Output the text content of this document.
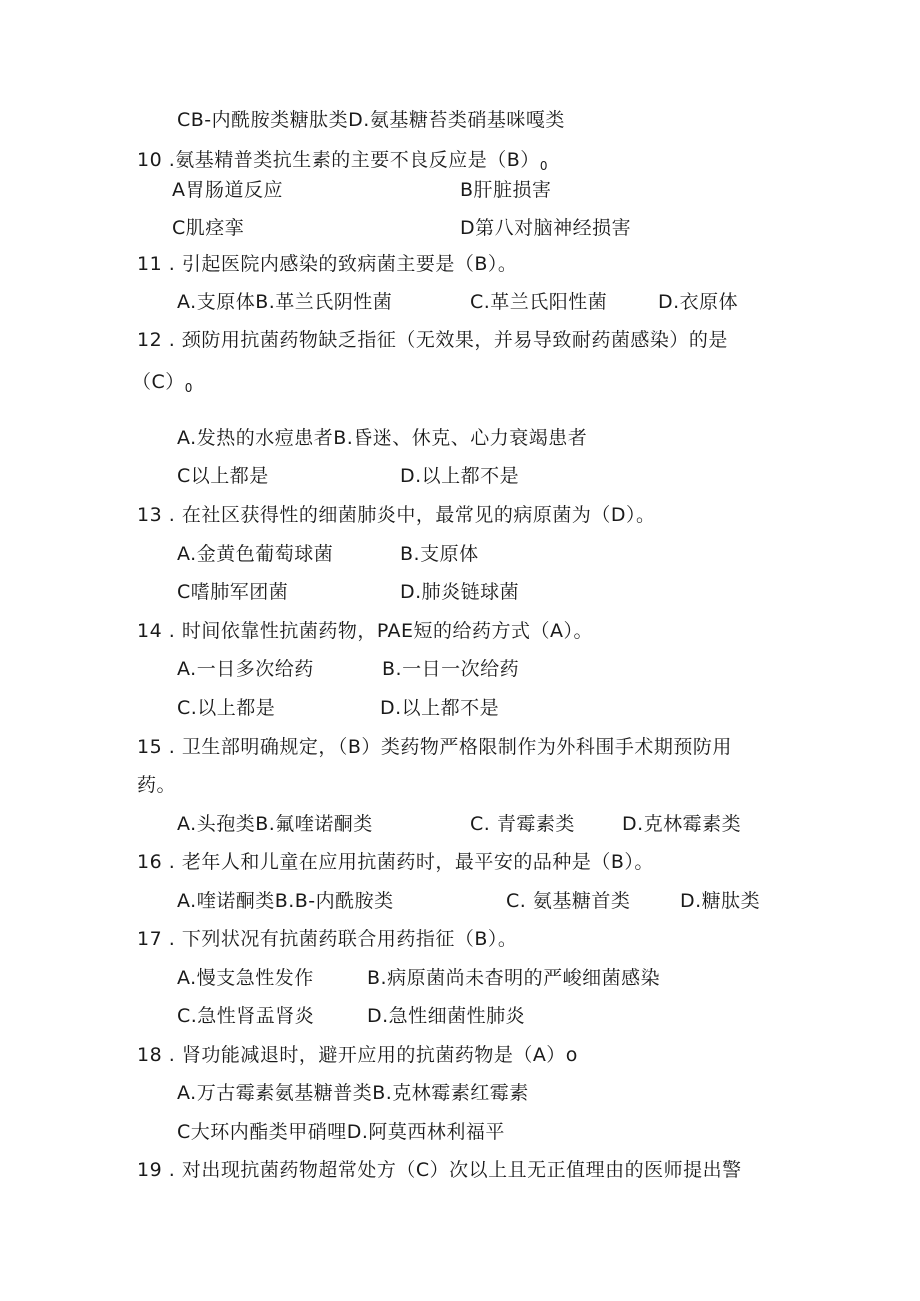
CB-内酰胺类糖肽类D.氨基糖苔类硝基咪嘎类
10 .氨基精普类抗生素的主要不良反应是$(B)_0$
A胃肠道反应	B肝脏损害
C肌痉挛	D第八对脑神经损害
11 . 引起医院内感染的致病菌主要是（B）。
A.支原体B.革兰氏阴性菌	C.革兰氏阳性菌	D.衣原体
12 . 颈防用抗菌药物缺乏指征（无效果，并易导致耐药菌感染）的是
$(C)_0$
A.发热的水痘患者B.昏迷、休克、心力衰竭患者
C以上都是	D.以上都不是
13 . 在社区获得性的细菌肺炎中，最常见的病原菌为（D）。
A.金黄色葡萄球菌	B.支原体
C嗜肺军团菌	D.肺炎链球菌
14 . 时间依靠性抗菌药物，PAE短的给药方式（A）。
A.一日多次给药	B.一日一次给药
C.以上都是	D.以上都不是
15 . 卫生部明确规定，（B）类药物严格限制作为外科围手术期预防用
药。
A.头孢类B.氟喹诺酮类	C. 青霉素类 D.克林霉素类
16 . 老年人和儿童在应用抗菌药时，最平安的品种是（B）。
A.喹诺酮类B.B-内酰胺类	C. 氨基糖首类	D.糖肽类
17 . 下列状况有抗菌药联合用药指征（B）。
A.慢支急性发作	B.病原菌尚未杳明的严峻细菌感染
C.急性肾盂肾炎	D.急性细菌性肺炎
18 . 肾功能减退时，避开应用的抗菌药物是（A）o
A.万古霉素氨基糖普类B.克林霉素红霉素
C大环内酯类甲硝哩D.阿莫西林利福平
19 . 对出现抗菌药物超常处方（C）次以上且无正值理由的医师提出警
